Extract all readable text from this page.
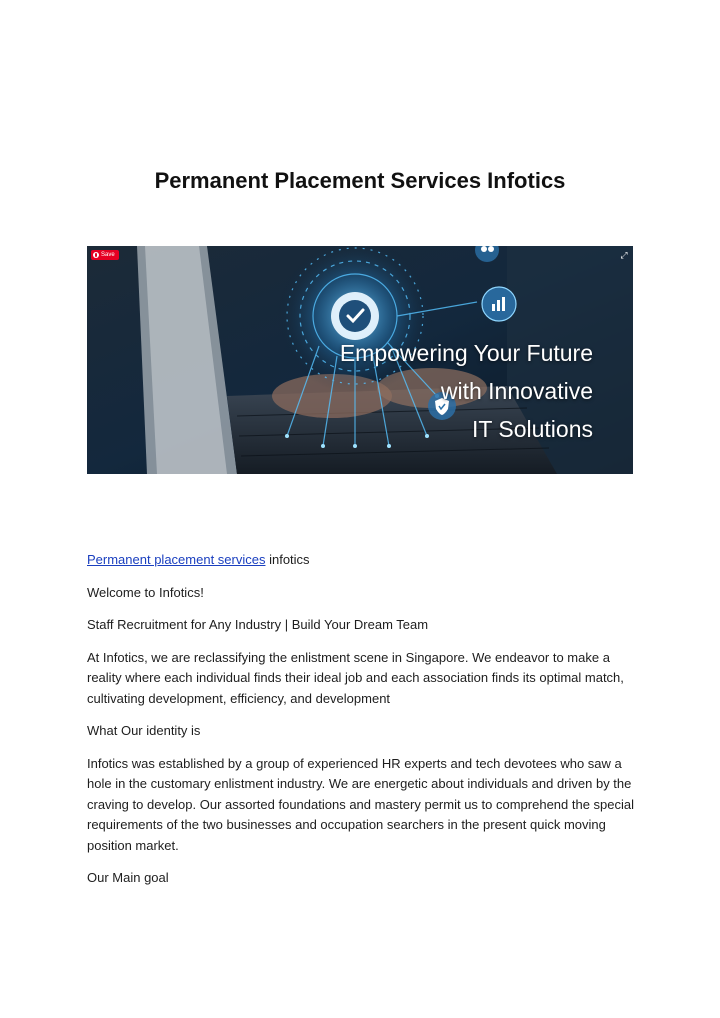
Permanent Placement Services Infotics
Save	⤢
Empowering Your Future
with Innovative
IT Solutions

Permanent placement services infotics

Welcome to Infotics!

Staff Recruitment for Any Industry | Build Your Dream Team

At Infotics, we are reclassifying the enlistment scene in Singapore. We endeavor to make a reality where each individual finds their ideal job and each association finds its optimal match, cultivating development, efficiency, and development

What Our identity is

Infotics was established by a group of experienced HR experts and tech devotees who saw a hole in the customary enlistment industry. We are energetic about individuals and driven by the craving to develop. Our assorted foundations and mastery permit us to comprehend the special requirements of the two businesses and occupation searchers in the present quick moving position market.

Our Main goal
